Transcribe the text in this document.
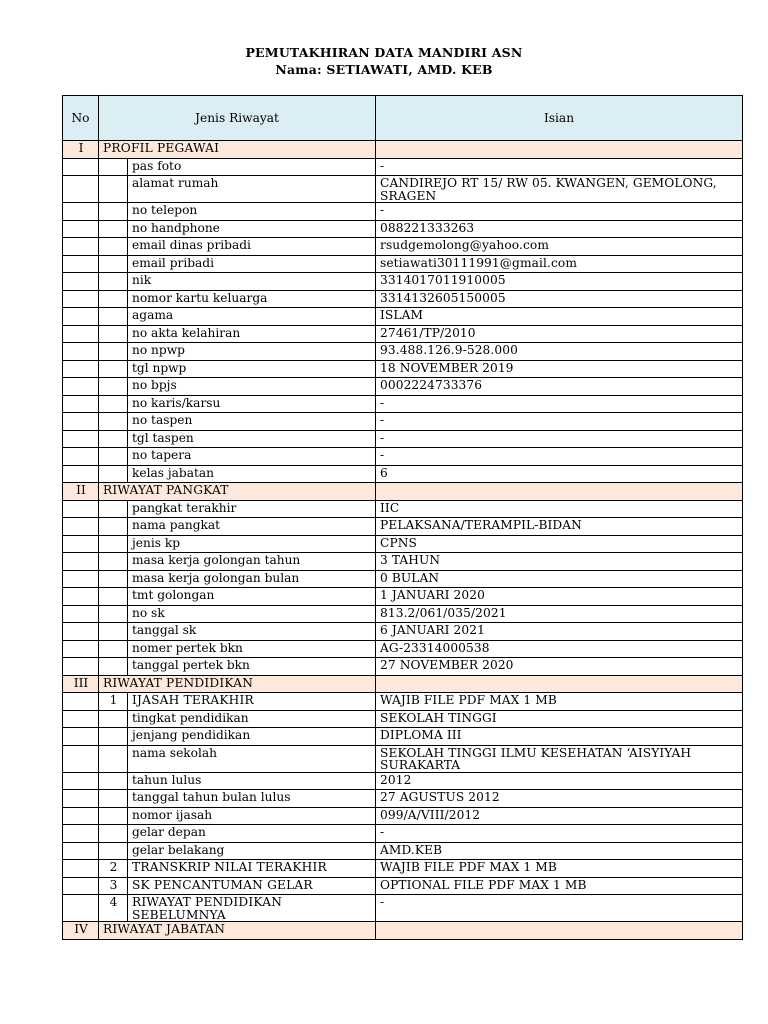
PEMUTAKHIRAN DATA MANDIRI ASN
Nama: SETIAWATI, AMD. KEB
No	Jenis Riwayat		Isian
I	PROFIL PEGAWAI		
		pas foto	-
		alamat rumah	CANDIREJO RT 15/ RW 05. KWANGEN, GEMOLONG, SRAGEN
		no telepon	-
		no handphone	088221333263
		email dinas pribadi	rsudgemolong@yahoo.com
		email pribadi	setiawati30111991@gmail.com
		nik	3314017011910005
		nomor kartu keluarga	3314132605150005
		agama	ISLAM
		no akta kelahiran	27461/TP/2010
		no npwp	93.488.126.9-528.000
		tgl npwp	18 NOVEMBER 2019
		no bpjs	0002224733376
		no karis/karsu	-
		no taspen	-
		tgl taspen	-
		no tapera	-
		kelas jabatan	6
II	RIWAYAT PANGKAT		
		pangkat terakhir	IIC
		nama pangkat	PELAKSANA/TERAMPIL-BIDAN
		jenis kp	CPNS
		masa kerja golongan tahun	3 TAHUN
		masa kerja golongan bulan	0 BULAN
		tmt golongan	1 JANUARI 2020
		no sk	813.2/061/035/2021
		tanggal sk	6 JANUARI 2021
		nomer pertek bkn	AG-23314000538
		tanggal pertek bkn	27 NOVEMBER 2020
III	RIWAYAT PENDIDIKAN		
	1	IJASAH TERAKHIR	WAJIB FILE PDF MAX 1 MB
		tingkat pendidikan	SEKOLAH TINGGI
		jenjang pendidikan	DIPLOMA III
		nama sekolah	SEKOLAH TINGGI ILMU KESEHATAN ‘AISYIYAH SURAKARTA
		tahun lulus	2012
		tanggal tahun bulan lulus	27 AGUSTUS 2012
		nomor ijasah	099/A/VIII/2012
		gelar depan	-
		gelar belakang	AMD.KEB
	2	TRANSKRIP NILAI TERAKHIR	WAJIB FILE PDF MAX 1 MB
	3	SK PENCANTUMAN GELAR	OPTIONAL FILE PDF MAX 1 MB
	4	RIWAYAT PENDIDIKAN SEBELUMNYA	-
IV	RIWAYAT JABATAN		
